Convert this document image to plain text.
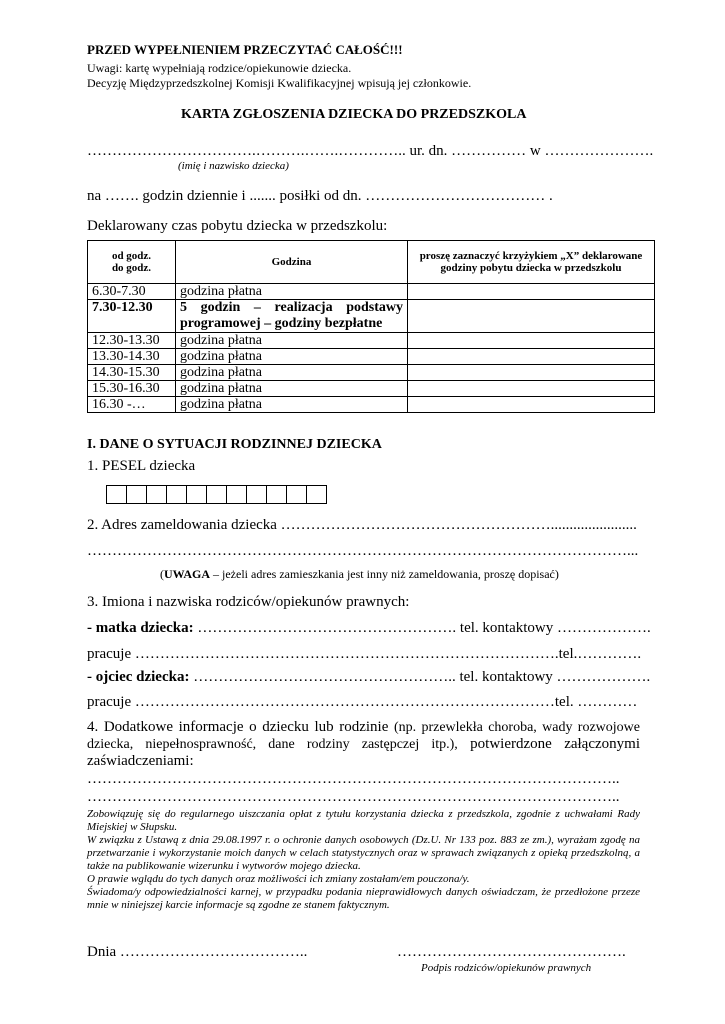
PRZED WYPEŁNIENIEM PRZECZYTAĆ CAŁOŚĆ!!!
Uwagi: kartę wypełniają rodzice/opiekunowie dziecka.
Decyzję Międzyprzedszkolnej Komisji Kwalifikacyjnej wpisują jej członkowie.
KARTA ZGŁOSZENIA DZIECKA DO PRZEDSZKOLA
…………………………….……….…….………….. ur. dn. …………… w ………………….
(imię i nazwisko dziecka)
na ……. godzin dziennie i ....... posiłki od dn. ……………………………… .
Deklarowany czas pobytu dziecka w przedszkolu:
od godz.
do godz.	Godzina	proszę zaznaczyć krzyżykiem „X” deklarowane godziny pobytu dziecka w przedszkolu
6.30-7.30	godzina płatna	
7.30-12.30	5 godzin – realizacja podstawy programowej – godziny bezpłatne	
12.30-13.30	godzina płatna	
13.30-14.30	godzina płatna	
14.30-15.30	godzina płatna	
15.30-16.30	godzina płatna	
16.30 -…	godzina płatna	
I. DANE O SYTUACJI RODZINNEJ DZIECKA
1. PESEL dziecka
2. Adres zameldowania dziecka ……………………………………………….......................
………………………………………………………………………………………………...
(UWAGA – jeżeli adres zamieszkania jest inny niż zameldowania, proszę dopisać)
3. Imiona i nazwiska rodziców/opiekunów prawnych:
- matka dziecka: ……………………………………………. tel. kontaktowy ……………….
pracuje ………………………………………………………………………….tel.………….
- ojciec dziecka: …………………………………………….. tel. kontaktowy ……………….
pracuje …………………………………………………………………………tel. …………
4. Dodatkowe informacje o dziecku lub rodzinie (np. przewlekła choroba, wady rozwojowe dziecka, niepełnosprawność, dane rodziny zastępczej itp.), potwierdzone załączonymi zaświadczeniami:
……………………………………………………………………………………………..
……………………………………………………………………………………………..

Zobowiązuję się do regularnego uiszczania opłat z tytułu korzystania dziecka z przedszkola, zgodnie z uchwałami Rady Miejskiej w Słupsku.

W związku z Ustawą z dnia 29.08.1997 r. o ochronie danych osobowych (Dz.U. Nr 133 poz. 883 ze zm.), wyrażam zgodę na przetwarzanie i wykorzystanie moich danych w celach statystycznych oraz w sprawach związanych z opieką przedszkolną, a także na publikowanie wizerunku i wytworów mojego dziecka.

O prawie wglądu do tych danych oraz możliwości ich zmiany zostałam/em pouczona/y.

Świadoma/y odpowiedzialności karnej, w przypadku podania nieprawidłowych danych oświadczam, że przedłożone przeze mnie w niniejszej karcie informacje są zgodne ze stanem faktycznym.

Dnia ………………………………..	……………………………………….
Podpis rodziców/opiekunów prawnych
